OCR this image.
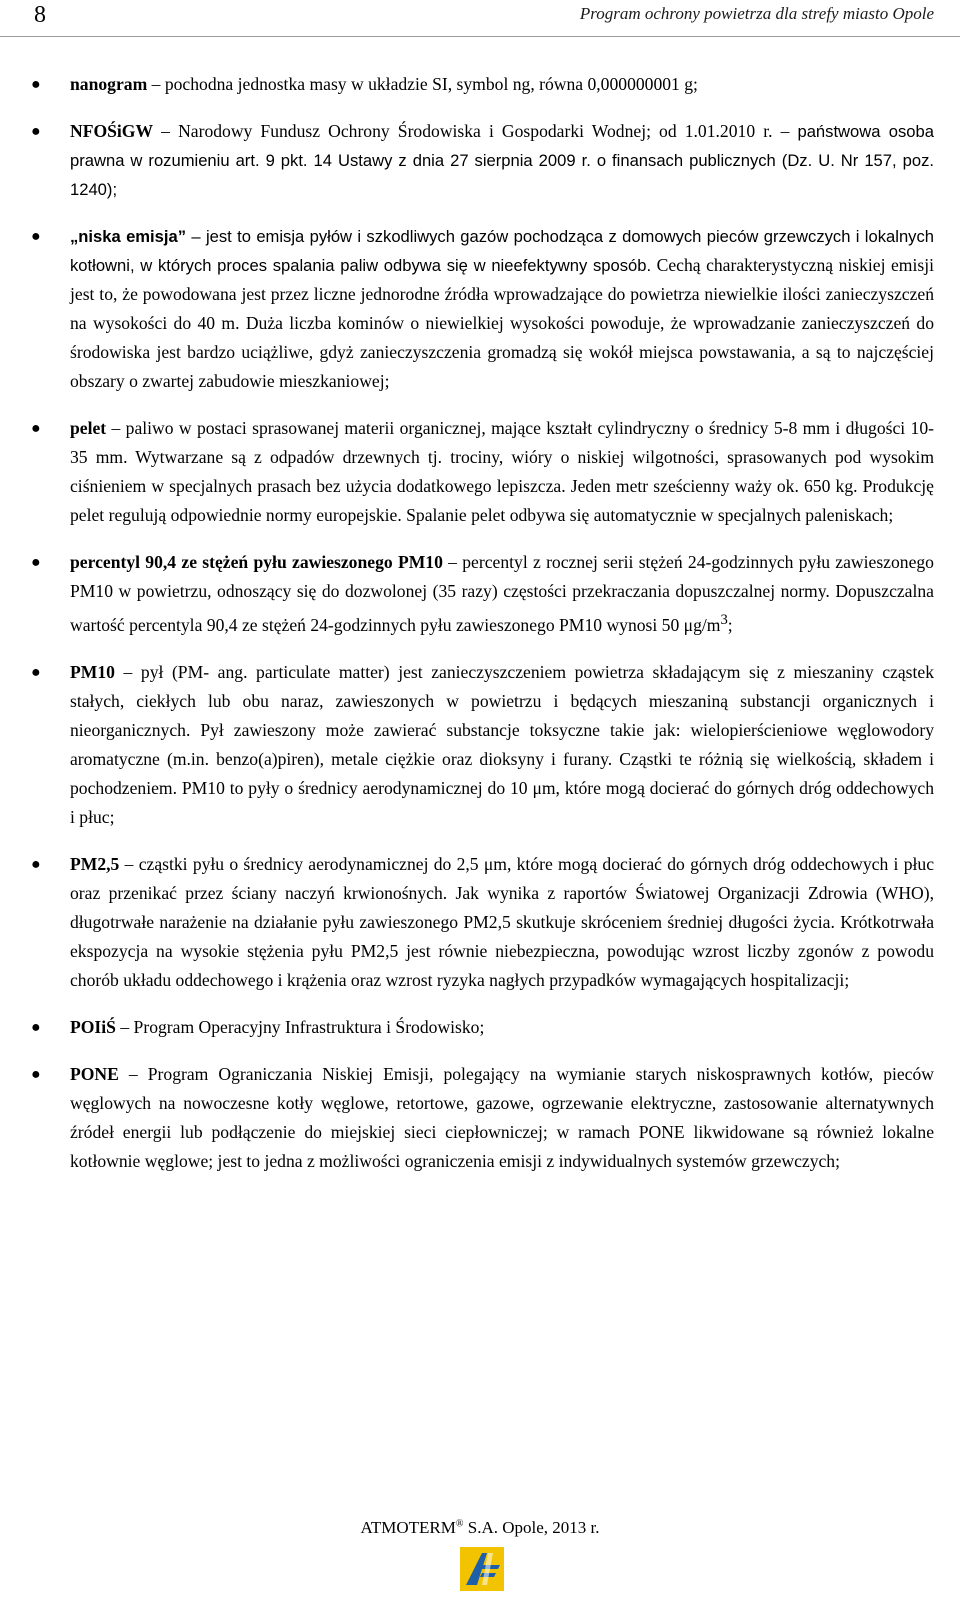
8	Program ochrony powietrza dla strefy miasto Opole
● nanogram – pochodna jednostka masy w układzie SI, symbol ng, równa 0,000000001 g;
● NFOŚiGW – Narodowy Fundusz Ochrony Środowiska i Gospodarki Wodnej; od 1.01.2010 r. – państwowa osoba prawna w rozumieniu art. 9 pkt. 14 Ustawy z dnia 27 sierpnia 2009 r. o finansach publicznych (Dz. U. Nr 157, poz. 1240);
● „niska emisja” – jest to emisja pyłów i szkodliwych gazów pochodząca z domowych pieców grzewczych i lokalnych kotłowni, w których proces spalania paliw odbywa się w nieefektywny sposób. Cechą charakterystyczną niskiej emisji jest to, że powodowana jest przez liczne jednorodne źródła wprowadzające do powietrza niewielkie ilości zanieczyszczeń na wysokości do 40 m. Duża liczba kominów o niewielkiej wysokości powoduje, że wprowadzanie zanieczyszczeń do środowiska jest bardzo uciążliwe, gdyż zanieczyszczenia gromadzą się wokół miejsca powstawania, a są to najczęściej obszary o zwartej zabudowie mieszkaniowej;
● pelet – paliwo w postaci sprasowanej materii organicznej, mające kształt cylindryczny o średnicy 5-8 mm i długości 10-35 mm. Wytwarzane są z odpadów drzewnych tj. trociny, wióry o niskiej wilgotności, sprasowanych pod wysokim ciśnieniem w specjalnych prasach bez użycia dodatkowego lepiszcza. Jeden metr sześcienny waży ok. 650 kg. Produkcję pelet regulują odpowiednie normy europejskie. Spalanie pelet odbywa się automatycznie w specjalnych paleniskach;
● percentyl 90,4 ze stężeń pyłu zawieszonego PM10 – percentyl z rocznej serii stężeń 24-godzinnych pyłu zawieszonego PM10 w powietrzu, odnoszący się do dozwolonej (35 razy) częstości przekraczania dopuszczalnej normy. Dopuszczalna wartość percentyla 90,4 ze stężeń 24-godzinnych pyłu zawieszonego PM10 wynosi 50 $\mu g/m^3$;
● PM10 – pył (PM- ang. particulate matter) jest zanieczyszczeniem powietrza składającym się z mieszaniny cząstek stałych, ciekłych lub obu naraz, zawieszonych w powietrzu i będących mieszaniną substancji organicznych i nieorganicznych. Pył zawieszony może zawierać substancje toksyczne takie jak: wielopierścieniowe węglowodory aromatyczne (m.in. benzo(a)piren), metale ciężkie oraz dioksyny i furany. Cząstki te różnią się wielkością, składem i pochodzeniem. PM10 to pyły o średnicy aerodynamicznej do 10 μm, które mogą docierać do górnych dróg oddechowych i płuc;
● PM2,5 – cząstki pyłu o średnicy aerodynamicznej do 2,5 μm, które mogą docierać do górnych dróg oddechowych i płuc oraz przenikać przez ściany naczyń krwionośnych. Jak wynika z raportów Światowej Organizacji Zdrowia (WHO), długotrwałe narażenie na działanie pyłu zawieszonego PM2,5 skutkuje skróceniem średniej długości życia. Krótkotrwała ekspozycja na wysokie stężenia pyłu PM2,5 jest równie niebezpieczna, powodując wzrost liczby zgonów z powodu chorób układu oddechowego i krążenia oraz wzrost ryzyka nagłych przypadków wymagających hospitalizacji;
● POIiŚ – Program Operacyjny Infrastruktura i Środowisko;
● PONE – Program Ograniczania Niskiej Emisji, polegający na wymianie starych niskosprawnych kotłów, pieców węglowych na nowoczesne kotły węglowe, retortowe, gazowe, ogrzewanie elektryczne, zastosowanie alternatywnych źródeł energii lub podłączenie do miejskiej sieci ciepłowniczej; w ramach PONE likwidowane są również lokalne kotłownie węglowe; jest to jedna z możliwości ograniczenia emisji z indywidualnych systemów grzewczych;
ATMOTERM® S.A. Opole, 2013 r.
